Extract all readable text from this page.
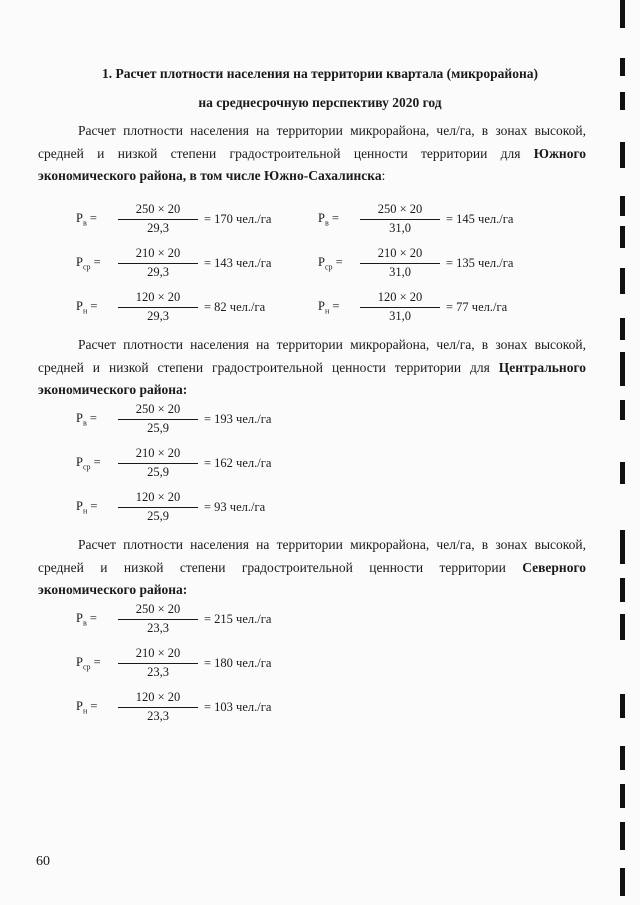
1. Расчет плотности населения на территории квартала (микрорайона)
на среднесрочную перспективу 2020 год

Расчет плотности населения на территории микрорайона, чел/га, в зонах высокой, средней и низкой степени градостроительной ценности территории для Южного экономического района, в том числе Южно-Сахалинска:

$Р_в$ =	$\frac{250 \times 20}{29,3} = 170$ чел./га
$Р_{ср}$ =	$\frac{210 \times 20}{29,3} = 143$ чел./га
$Р_н$ =	$\frac{120 \times 20}{29,3} = 82$ чел./га
$Р_в$ =	$\frac{250 \times 20}{31,0} = 145$ чел./га
$Р_{ср}$ =	$\frac{210 \times 20}{31,0} = 135$ чел./га
$Р_н$ =	$\frac{120 \times 20}{31,0} = 77$ чел./га

Расчет плотности населения на территории микрорайона, чел/га, в зонах высокой, средней и низкой степени градостроительной ценности территории для Центрального экономического района:

$Р_в$ =	$\frac{250 \times 20}{25,9} = 193$ чел./га
$Р_{ср}$ =	$\frac{210 \times 20}{25,9} = 162$ чел./га
$Р_н$ =	$\frac{120 \times 20}{25,9} = 93$ чел./га

Расчет плотности населения на территории микрорайона, чел/га, в зонах высокой, средней и низкой степени градостроительной ценности территории Северного экономического района:

$Р_в$ =	$\frac{250 \times 20}{23,3} = 215$ чел./га
$Р_{ср}$ =	$\frac{210 \times 20}{23,3} = 180$ чел./га
$Р_н$ =	$\frac{120 \times 20}{23,3} = 103$ чел./га
60
